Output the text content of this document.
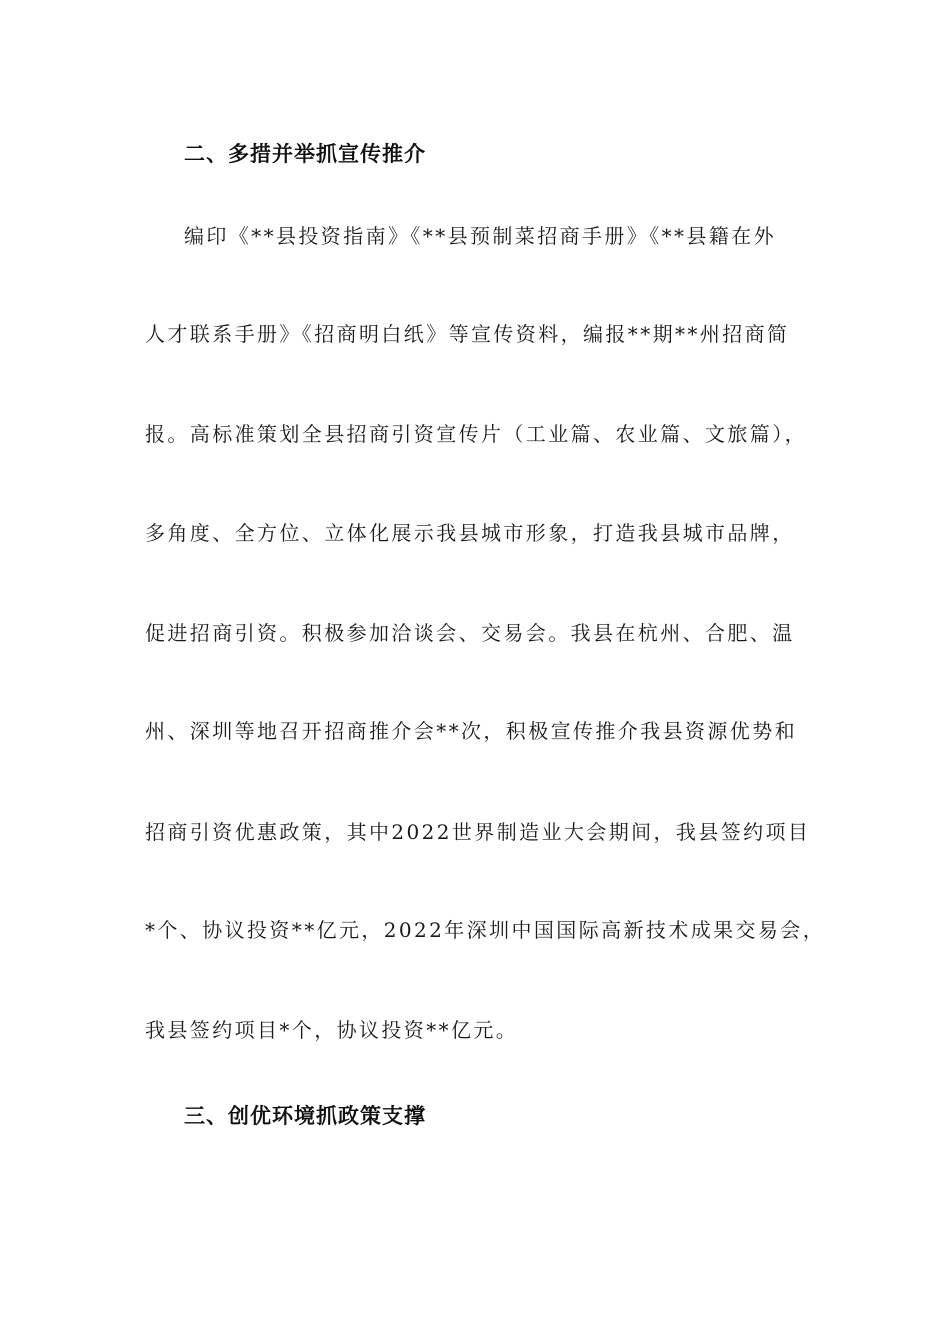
二、多措并举抓宣传推介
编印《**县投资指南》《**县预制菜招商手册》《**县籍在外
人才联系手册》《招商明白纸》等宣传资料，编报**期**州招商简
报。高标准策划全县招商引资宣传片（工业篇、农业篇、文旅篇），
多角度、全方位、立体化展示我县城市形象，打造我县城市品牌，
促进招商引资。积极参加洽谈会、交易会。我县在杭州、合肥、温
州、深圳等地召开招商推介会**次，积极宣传推介我县资源优势和
招商引资优惠政策，其中2022世界制造业大会期间，我县签约项目
*个、协议投资**亿元，2022年深圳中国国际高新技术成果交易会，
我县签约项目*个，协议投资**亿元。
三、创优环境抓政策支撑
